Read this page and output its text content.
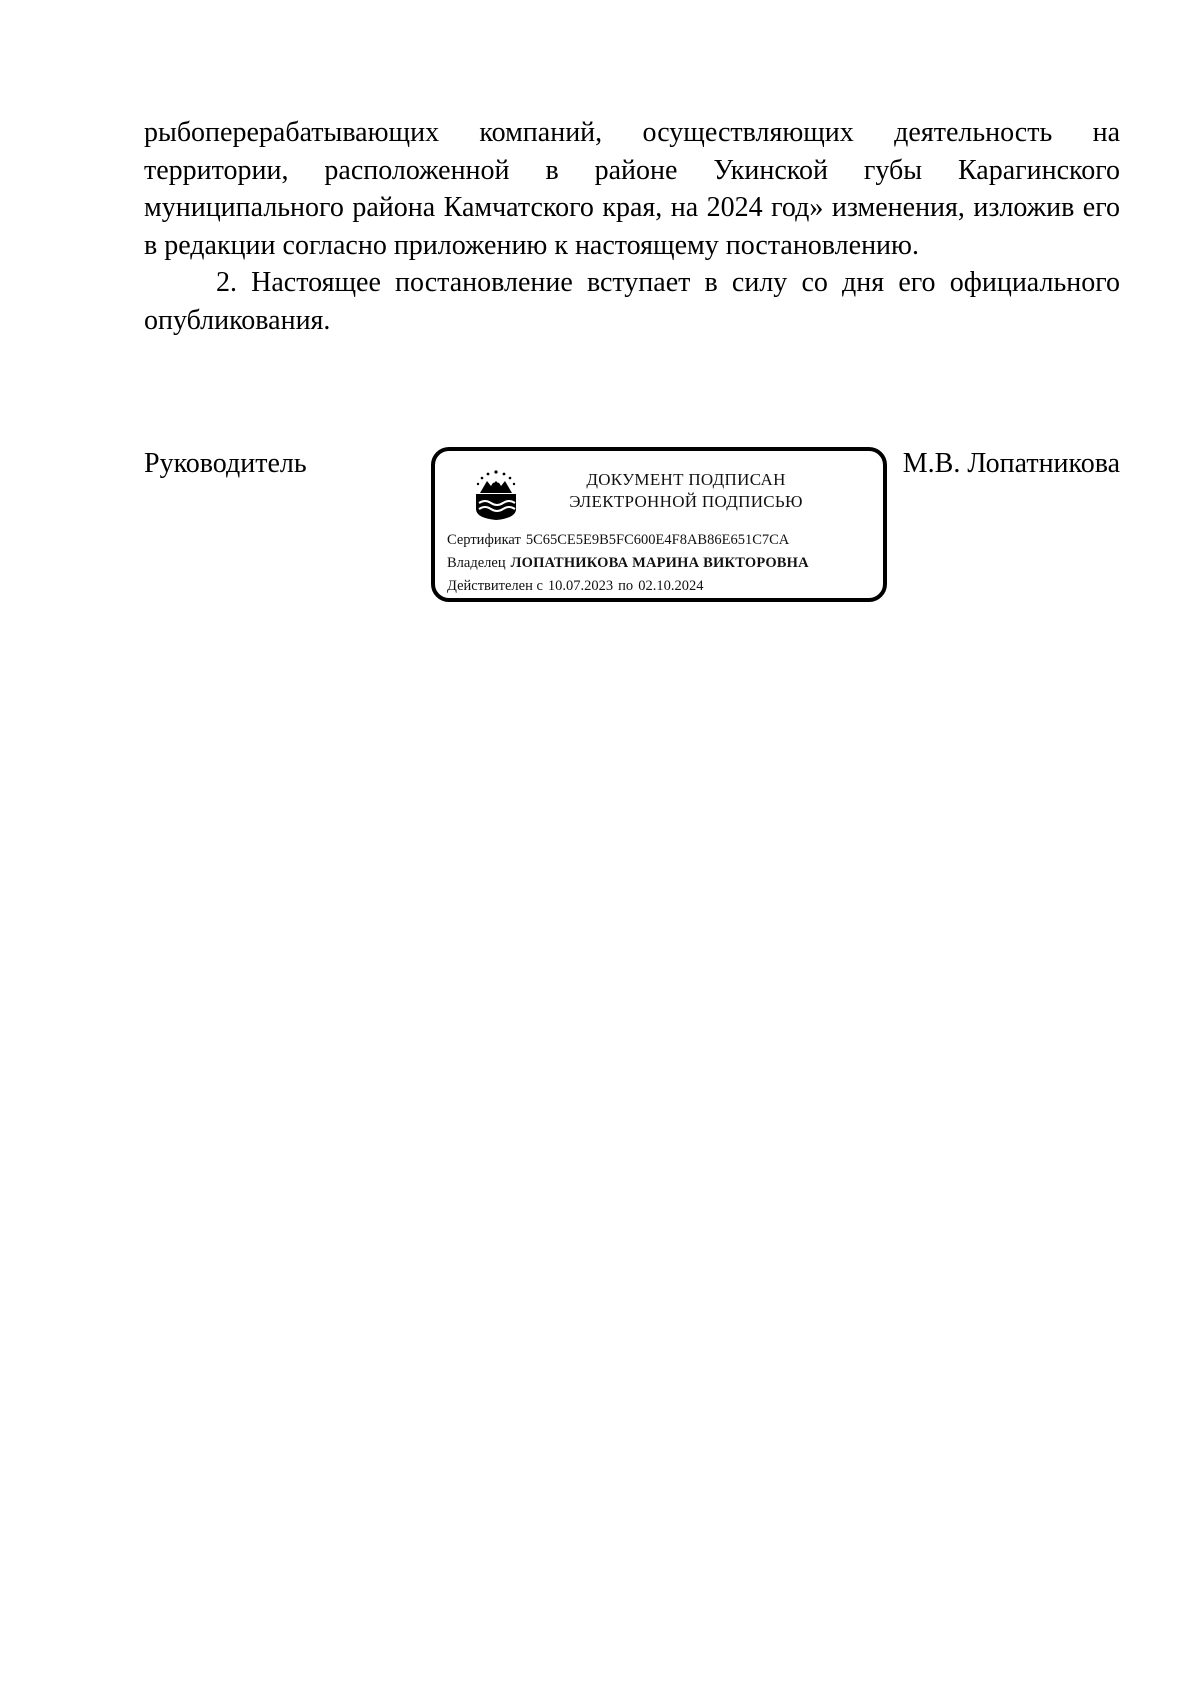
рыбоперерабатывающих компаний, осуществляющих деятельность на
территории, расположенной в районе Укинской губы Карагинского
муниципального района Камчатского края, на 2024 год» изменения, изложив его
в редакции согласно приложению к настоящему постановлению.

2. Настоящее постановление вступает в силу со дня его официального
опубликования.

Руководитель	М.В. Лопатникова
ДОКУМЕНТ ПОДПИСАН
ЭЛЕКТРОННОЙ ПОДПИСЬЮ
Сертификат 5C65CE5E9B5FC600E4F8AB86E651C7CA
Владелец ЛОПАТНИКОВА МАРИНА ВИКТОРОВНА
Действителен с 10.07.2023 по 02.10.2024
